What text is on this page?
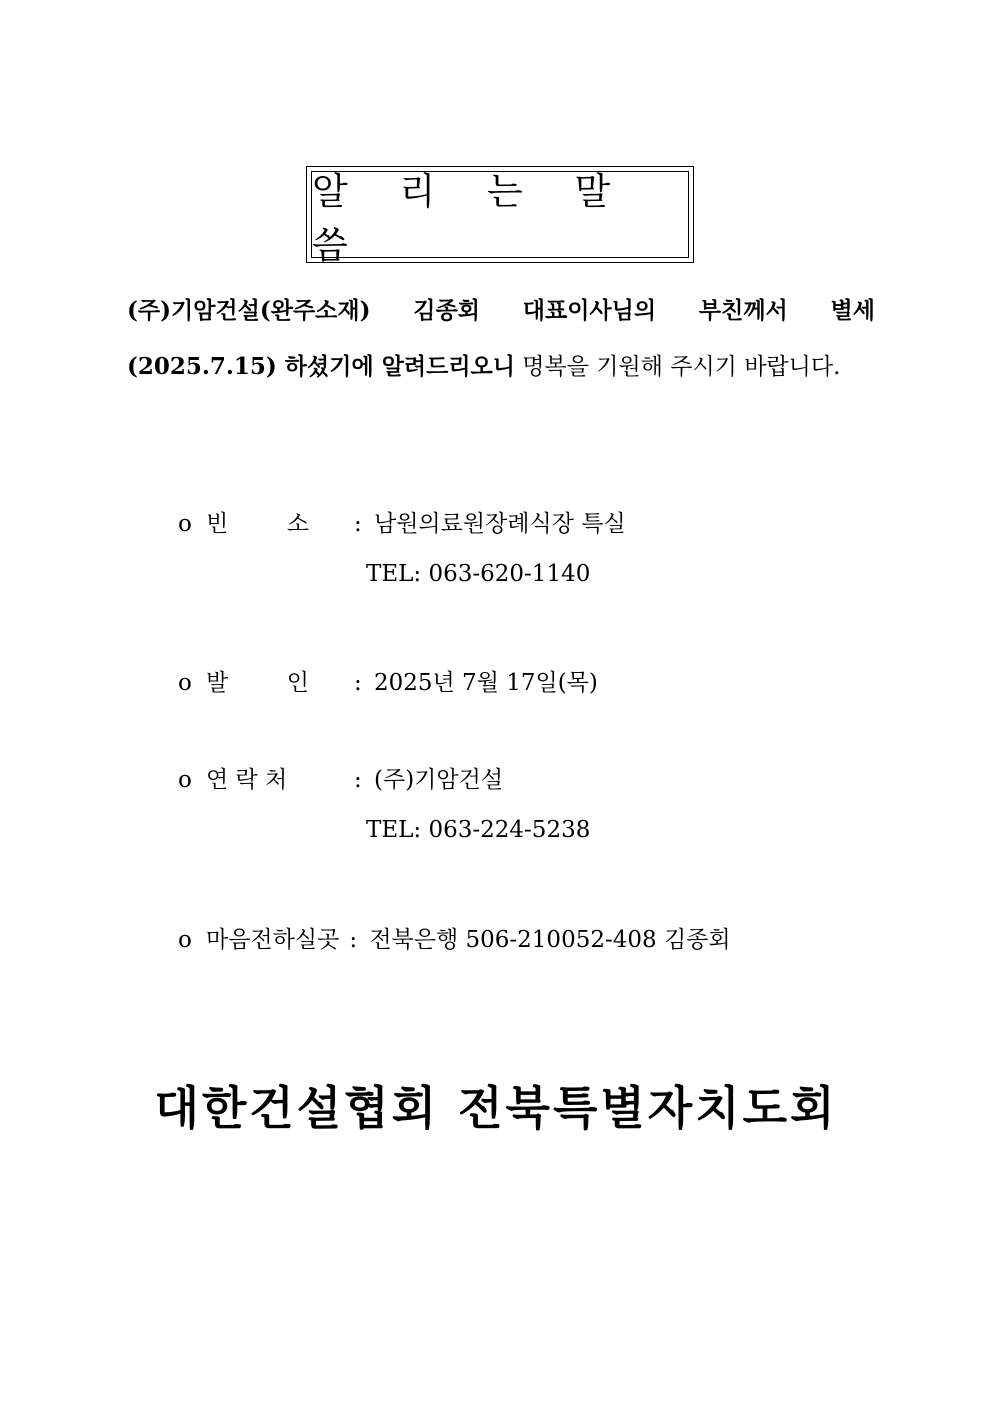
알 리 는 말 씀

(주)기암건설(완주소재) 김종회 대표이사님의 부친께서 별세 (2025.7.15) 하셨기에 알려드리오니 명복을 기원해 주시기 바랍니다.

o 빈        소 : 남원의료원장례식장 특실
TEL: 063-620-1140
o 발        인 : 2025년 7월 17일(목)
o 연 락 처	: (주)기암건설
TEL: 063-224-5238
o 마음전하실곳 : 전북은행 506-210052-408 김종회
대한건설협회 전북특별자치도회
